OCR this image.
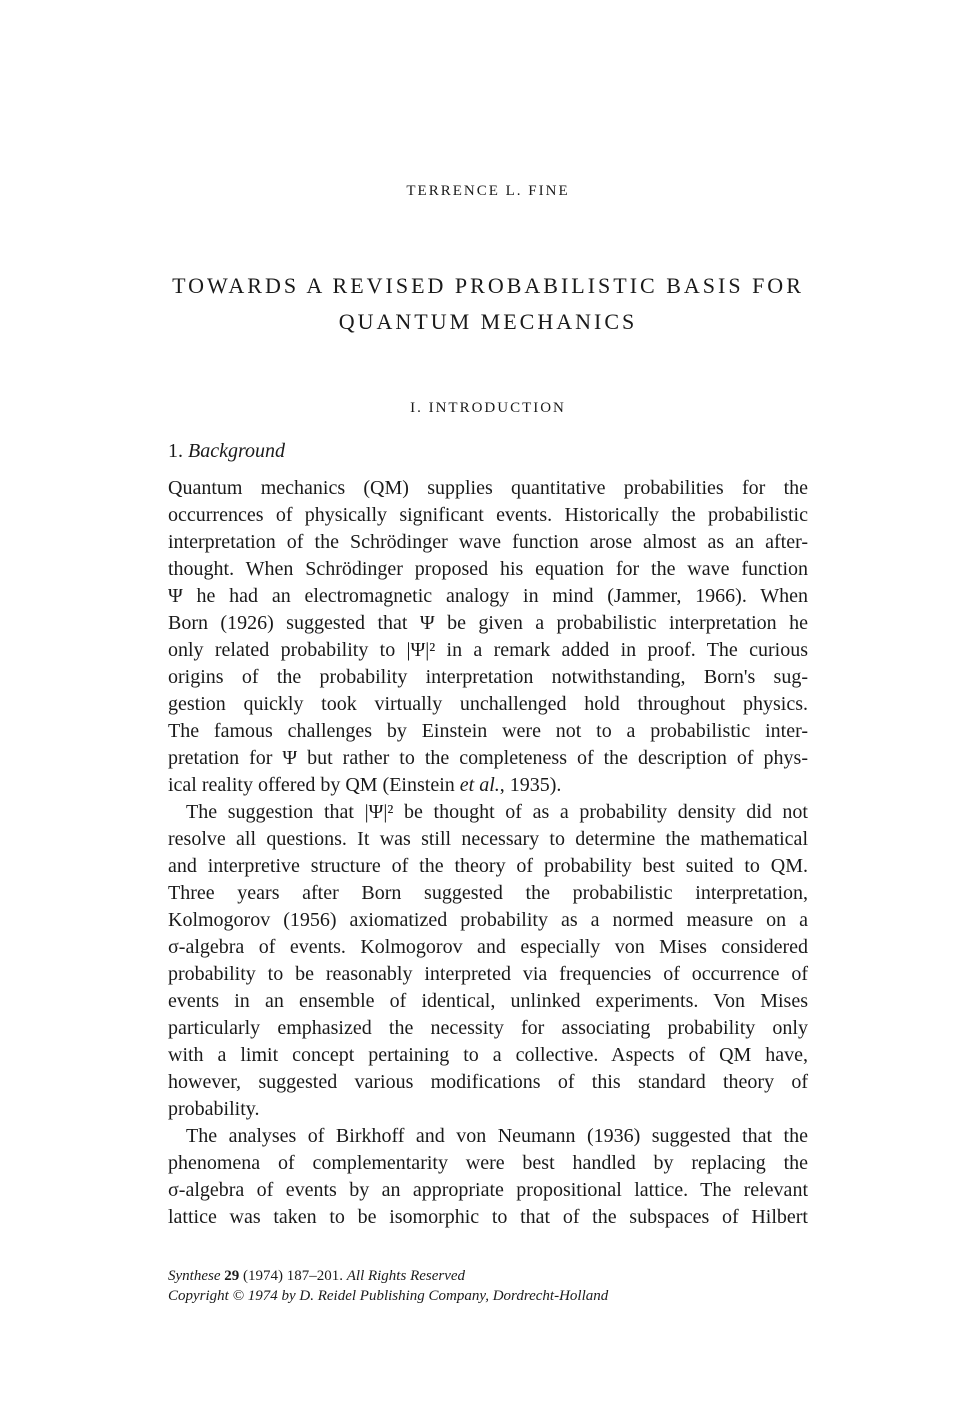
TERRENCE L. FINE
TOWARDS A REVISED PROBABILISTIC BASIS FOR
QUANTUM MECHANICS
I. INTRODUCTION
1. Background
Quantum mechanics (QM) supplies quantitative probabilities for the
occurrences of physically significant events. Historically the probabilistic
interpretation of the Schrödinger wave function arose almost as an after-
thought. When Schrödinger proposed his equation for the wave function
Ψ he had an electromagnetic analogy in mind (Jammer, 1966). When
Born (1926) suggested that Ψ be given a probabilistic interpretation he
only related probability to |Ψ|² in a remark added in proof. The curious
origins of the probability interpretation notwithstanding, Born's sug-
gestion quickly took virtually unchallenged hold throughout physics.
The famous challenges by Einstein were not to a probabilistic inter-
pretation for Ψ but rather to the completeness of the description of phys-
ical reality offered by QM (Einstein et al., 1935).
The suggestion that |Ψ|² be thought of as a probability density did not
resolve all questions. It was still necessary to determine the mathematical
and interpretive structure of the theory of probability best suited to QM.
Three years after Born suggested the probabilistic interpretation,
Kolmogorov (1956) axiomatized probability as a normed measure on a
σ-algebra of events. Kolmogorov and especially von Mises considered
probability to be reasonably interpreted via frequencies of occurrence of
events in an ensemble of identical, unlinked experiments. Von Mises
particularly emphasized the necessity for associating probability only
with a limit concept pertaining to a collective. Aspects of QM have,
however, suggested various modifications of this standard theory of
probability.
The analyses of Birkhoff and von Neumann (1936) suggested that the
phenomena of complementarity were best handled by replacing the
σ-algebra of events by an appropriate propositional lattice. The relevant
lattice was taken to be isomorphic to that of the subspaces of Hilbert
Synthese 29 (1974) 187–201. All Rights Reserved
Copyright © 1974 by D. Reidel Publishing Company, Dordrecht-Holland
